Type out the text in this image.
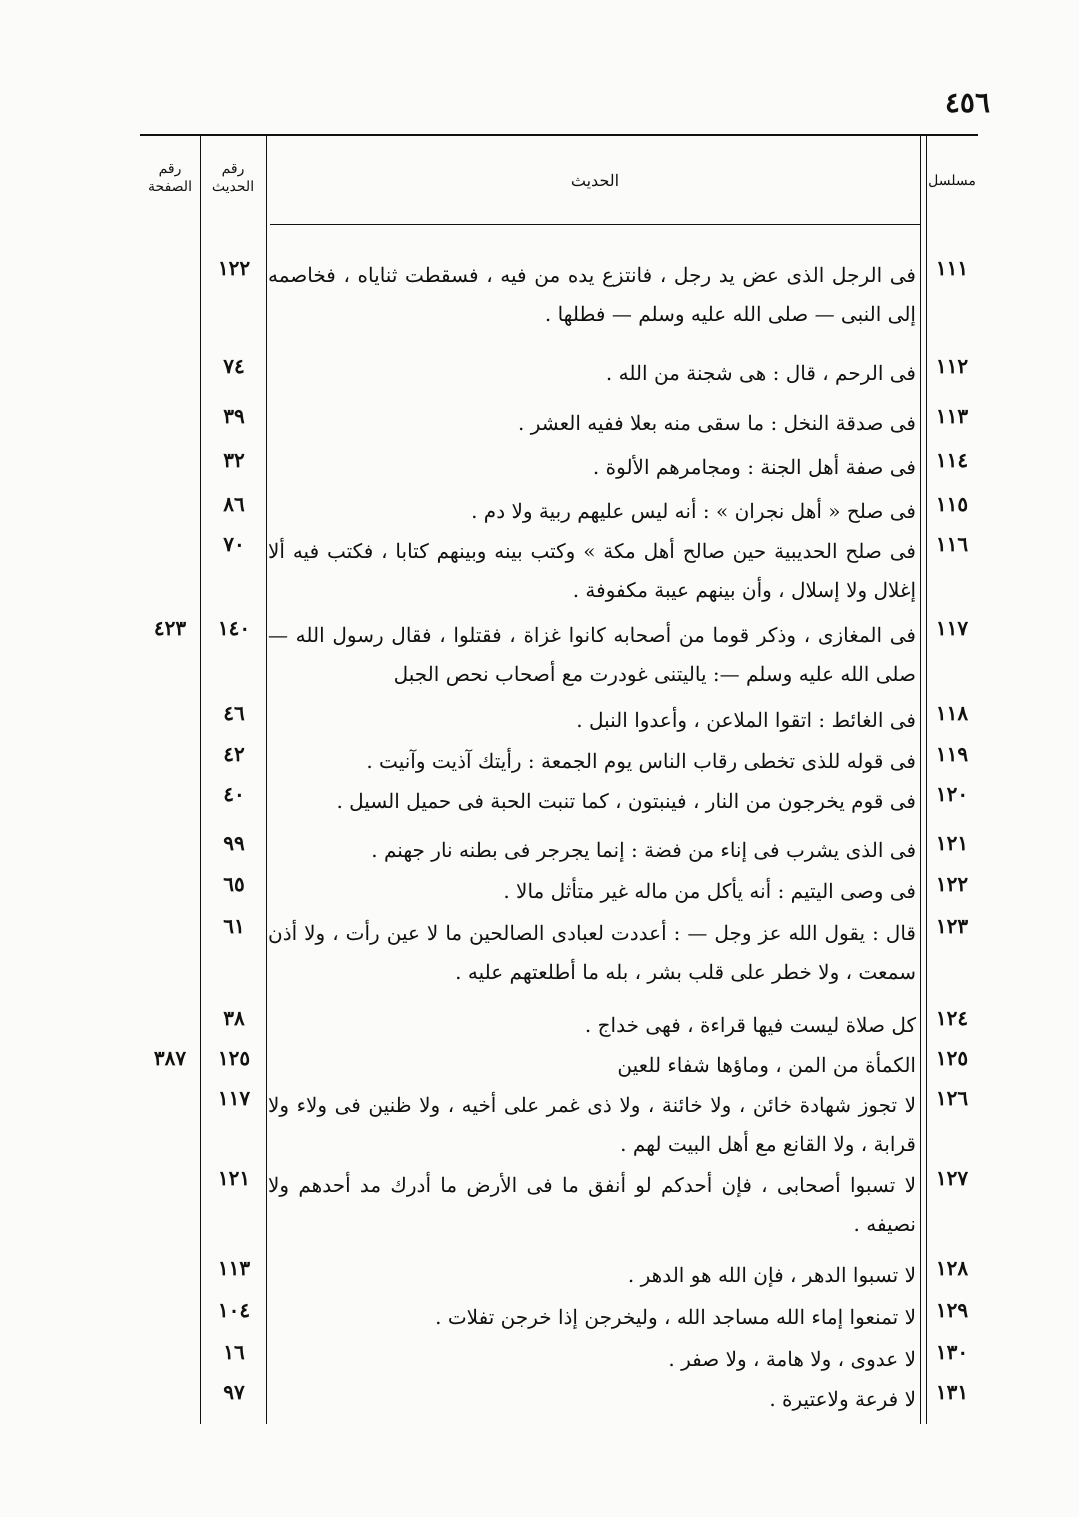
٤٥٦
رقم الصفحة
رقم الحديث	الحديث	مسلسل
١١١
فى الرجل الذى عض يد رجل ، فانتزع يده من فيه ، فسقطت ثناياه ، فخاصمه إلى النبى — صلى الله عليه وسلم — فطلها .
١٢٢
١١٢
فى الرحم ، قال : هى شجنة من الله .
٧٤
١١٣
فى صدقة النخل : ما سقى منه بعلا ففيه العشر .
٣٩
١١٤
فى صفة أهل الجنة : ومجامرهم الألوة .
٣٢
١١٥
فى صلح « أهل نجران » : أنه ليس عليهم ربية ولا دم .
٨٦
١١٦
فى صلح الحديبية حين صالح أهل مكة » وكتب بينه وبينهم كتابا ، فكتب فيه ألا إغلال ولا إسلال ، وأن بينهم عيبة مكفوفة .
٧٠
١١٧
فى المغازى ، وذكر قوما من أصحابه كانوا غزاة ، فقتلوا ، فقال رسول الله — صلى الله عليه وسلم —: ياليتنى غودرت مع أصحاب نحص الجبل
١٤٠
٤٢٣
١١٨
فى الغائط : اتقوا الملاعن ، وأعدوا النبل .
٤٦
١١٩
فى قوله للذى تخطى رقاب الناس يوم الجمعة : رأيتك آذيت وآنيت .
٤٢
١٢٠
فى قوم يخرجون من النار ، فينبتون ، كما تنبت الحبة فى حميل السيل .
٤٠
١٢١
فى الذى يشرب فى إناء من فضة : إنما يجرجر فى بطنه نار جهنم .
٩٩
١٢٢
فى وصى اليتيم : أنه يأكل من ماله غير متأثل مالا .
٦٥
١٢٣
قال : يقول الله عز وجل — : أعددت لعبادى الصالحين ما لا عين رأت ، ولا أذن سمعت ، ولا خطر على قلب بشر ، بله ما أطلعتهم عليه .
٦١
١٢٤
كل صلاة ليست فيها قراءة ، فهى خداج .
٣٨
١٢٥
الكمأة من المن ، وماؤها شفاء للعين
١٢٥
٣٨٧
١٢٦
لا تجوز شهادة خائن ، ولا خائنة ، ولا ذى غمر على أخيه ، ولا ظنين فى ولاء ولا قرابة ، ولا القانع مع أهل البيت لهم .
١١٧
١٢٧
لا تسبوا أصحابى ، فإن أحدكم لو أنفق ما فى الأرض ما أدرك مد أحدهم ولا نصيفه .
١٢١
١٢٨
لا تسبوا الدهر ، فإن الله هو الدهر .
١١٣
١٢٩
لا تمنعوا إماء الله مساجد الله ، وليخرجن إذا خرجن تفلات .
١٠٤
١٣٠
لا عدوى ، ولا هامة ، ولا صفر .
١٦
١٣١
لا فرعة ولاعتيرة .
٩٧
